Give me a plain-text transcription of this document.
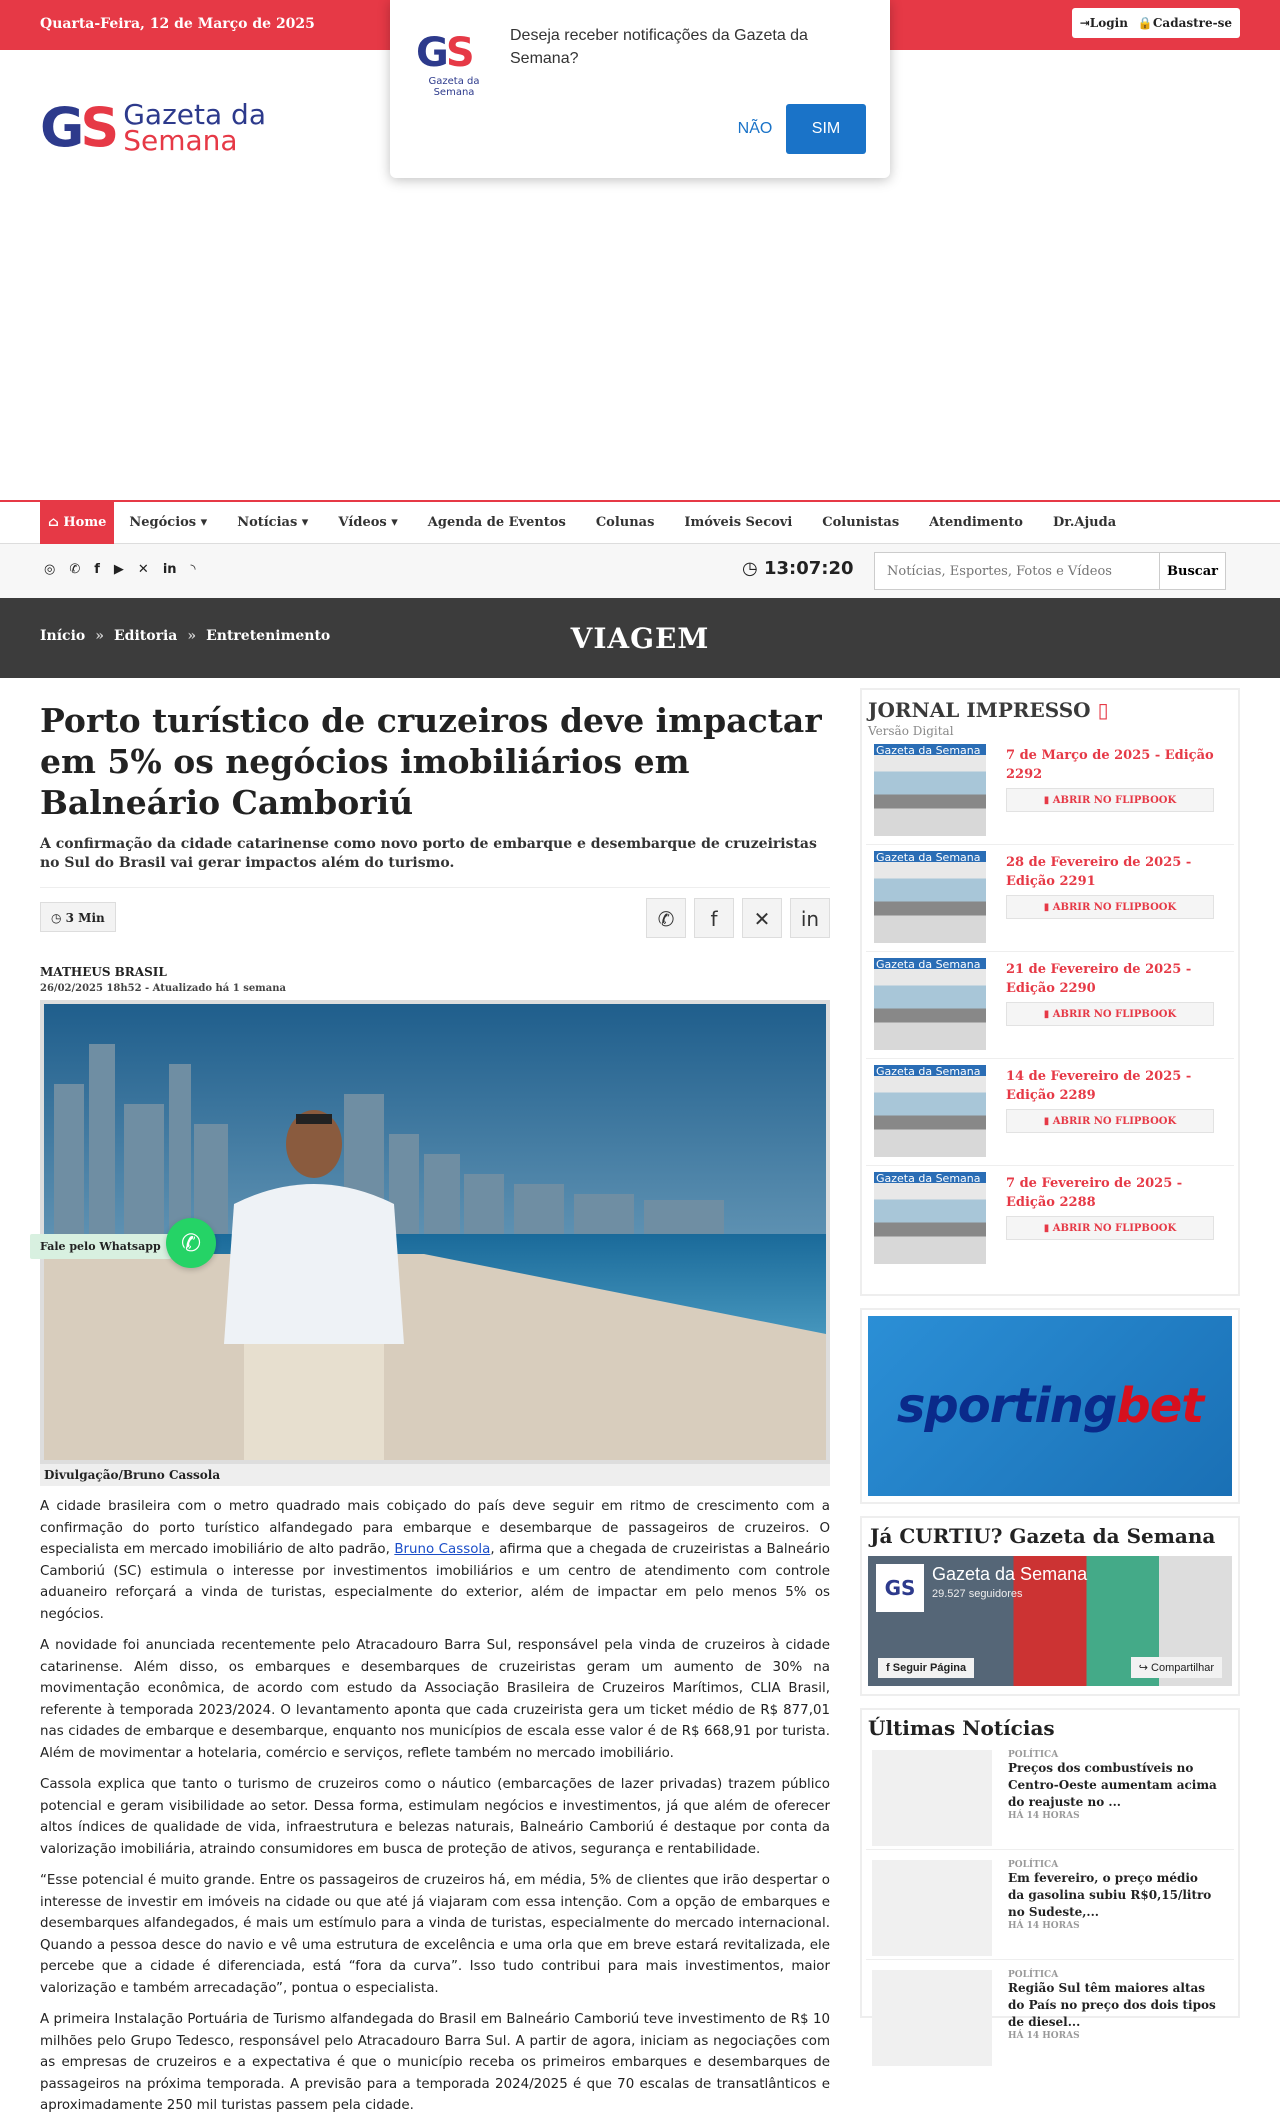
Quarta-Feira, 12 de Março de 2025	⇥Login 🔒Cadastre-se
GS Gazeta da
Semana
GS
Gazeta da Semana
Deseja receber notificações da Gazeta da Semana?
NÃO	SIM
⌂ Home	Negócios ▾	Notícias ▾	Vídeos ▾	Agenda de Eventos	Colunas	Imóveis Secovi	Colunistas	Atendimento	Dr.Ajuda
◎ ✆ f ▶ ✕ in ◝	◷ 13:07:20
Notícias, Esportes, Fotos e Vídeos	Buscar
Início » Editoria » Entretenimento	VIAGEM
Porto turístico de cruzeiros deve impactar em 5% os negócios imobiliários em Balneário Camboriú
A confirmação da cidade catarinense como novo porto de embarque e desembarque de cruzeiristas no Sul do Brasil vai gerar impactos além do turismo.
◷ 3 Min	✆	f	✕	in
MATHEUS BRASIL
26/02/2025 18h52 - Atualizado há 1 semana
Divulgação/Bruno Cassola

A cidade brasileira com o metro quadrado mais cobiçado do país deve seguir em ritmo de crescimento com a confirmação do porto turístico alfandegado para embarque e desembarque de passageiros de cruzeiros. O especialista em mercado imobiliário de alto padrão, Bruno Cassola, afirma que a chegada de cruzeiristas a Balneário Camboriú (SC) estimula o interesse por investimentos imobiliários e um centro de atendimento com controle aduaneiro reforçará a vinda de turistas, especialmente do exterior, além de impactar em pelo menos 5% os negócios.

A novidade foi anunciada recentemente pelo Atracadouro Barra Sul, responsável pela vinda de cruzeiros à cidade catarinense. Além disso, os embarques e desembarques de cruzeiristas geram um aumento de 30% na movimentação econômica, de acordo com estudo da Associação Brasileira de Cruzeiros Marítimos, CLIA Brasil, referente à temporada 2023/2024. O levantamento aponta que cada cruzeirista gera um ticket médio de R$ 877,01 nas cidades de embarque e desembarque, enquanto nos municípios de escala esse valor é de R$ 668,91 por turista. Além de movimentar a hotelaria, comércio e serviços, reflete também no mercado imobiliário.

Cassola explica que tanto o turismo de cruzeiros como o náutico (embarcações de lazer privadas) trazem público potencial e geram visibilidade ao setor. Dessa forma, estimulam negócios e investimentos, já que além de oferecer altos índices de qualidade de vida, infraestrutura e belezas naturais, Balneário Camboriú é destaque por conta da valorização imobiliária, atraindo consumidores em busca de proteção de ativos, segurança e rentabilidade.

“Esse potencial é muito grande. Entre os passageiros de cruzeiros há, em média, 5% de clientes que irão despertar o interesse de investir em imóveis na cidade ou que até já viajaram com essa intenção. Com a opção de embarques e desembarques alfandegados, é mais um estímulo para a vinda de turistas, especialmente do mercado internacional. Quando a pessoa desce do navio e vê uma estrutura de excelência e uma orla que em breve estará revitalizada, ele percebe que a cidade é diferenciada, está “fora da curva”. Isso tudo contribui para mais investimentos, maior valorização e também arrecadação”, pontua o especialista.

A primeira Instalação Portuária de Turismo alfandegada do Brasil em Balneário Camboriú teve investimento de R$ 10 milhões pelo Grupo Tedesco, responsável pelo Atracadouro Barra Sul. A partir de agora, iniciam as negociações com as empresas de cruzeiros e a expectativa é que o município receba os primeiros embarques e desembarques de passageiros na próxima temporada. A previsão para a temporada 2024/2025 é que 70 escalas de transatlânticos e aproximadamente 250 mil turistas passem pela cidade.

Fale pelo Whatsapp ✆
JORNAL IMPRESSO ▯
Versão Digital
Gazeta da Semana
7 de Março de 2025 - Edição 2292
▮ ABRIR NO FLIPBOOK
Gazeta da Semana
28 de Fevereiro de 2025 - Edição 2291
▮ ABRIR NO FLIPBOOK
Gazeta da Semana
21 de Fevereiro de 2025 - Edição 2290
▮ ABRIR NO FLIPBOOK
Gazeta da Semana
14 de Fevereiro de 2025 - Edição 2289
▮ ABRIR NO FLIPBOOK
Gazeta da Semana
7 de Fevereiro de 2025 - Edição 2288
▮ ABRIR NO FLIPBOOK
sportingbet
Já CURTIU? Gazeta da Semana
GS
Gazeta da Semana
29.527 seguidores
f Seguir Página	↪ Compartilhar
Últimas Notícias
POLÍTICA
Preços dos combustíveis no Centro-Oeste aumentam acima do reajuste no ...
HÁ 14 HORAS
POLÍTICA
Em fevereiro, o preço médio da gasolina subiu R$0,15/litro no Sudeste,...
HÁ 14 HORAS
POLÍTICA
Região Sul têm maiores altas do País no preço dos dois tipos de diesel...
HÁ 14 HORAS
